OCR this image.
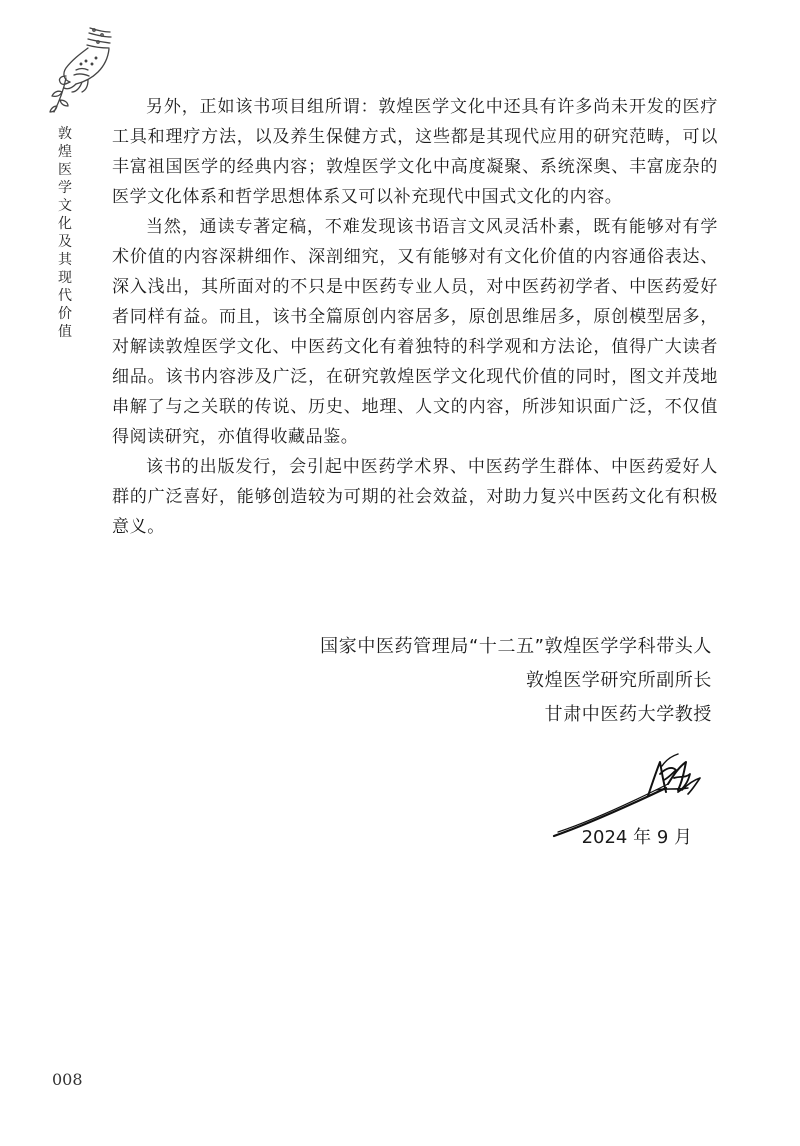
敦煌医学文化及其现代价值

另外，正如该书项目组所谓：敦煌医学文化中还具有许多尚未开发的医疗工具和理疗方法，以及养生保健方式，这些都是其现代应用的研究范畴，可以丰富祖国医学的经典内容；敦煌医学文化中高度凝聚、系统深奥、丰富庞杂的医学文化体系和哲学思想体系又可以补充现代中国式文化的内容。

当然，通读专著定稿，不难发现该书语言文风灵活朴素，既有能够对有学术价值的内容深耕细作、深剖细究，又有能够对有文化价值的内容通俗表达、深入浅出，其所面对的不只是中医药专业人员，对中医药初学者、中医药爱好者同样有益。而且，该书全篇原创内容居多，原创思维居多，原创模型居多，对解读敦煌医学文化、中医药文化有着独特的科学观和方法论，值得广大读者细品。该书内容涉及广泛，在研究敦煌医学文化现代价值的同时，图文并茂地串解了与之关联的传说、历史、地理、人文的内容，所涉知识面广泛，不仅值得阅读研究，亦值得收藏品鉴。

该书的出版发行，会引起中医药学术界、中医药学生群体、中医药爱好人群的广泛喜好，能够创造较为可期的社会效益，对助力复兴中医药文化有积极意义。

国家中医药管理局“十二五”敦煌医学学科带头人
敦煌医学研究所副所长
甘肃中医药大学教授
2024 年 9 月
008
